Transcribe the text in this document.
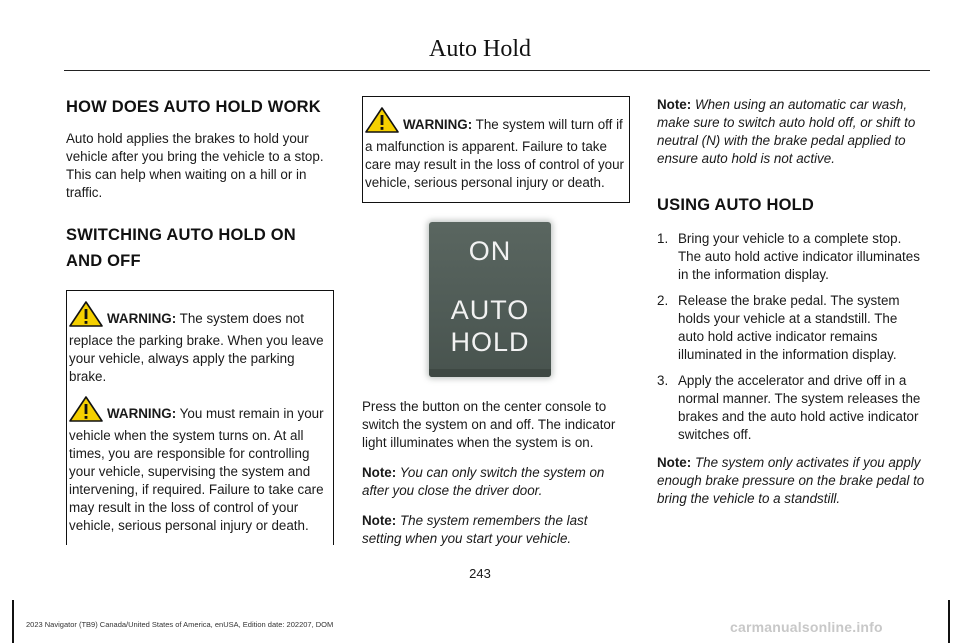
Auto Hold
HOW DOES AUTO HOLD WORK

Auto hold applies the brakes to hold your vehicle after you bring the vehicle to a stop. This can help when waiting on a hill or in traffic.

SWITCHING AUTO HOLD ON AND OFF
WARNING: The system does not replace the parking brake. When you leave your vehicle, always apply the parking brake.
WARNING: You must remain in your vehicle when the system turns on. At all times, you are responsible for controlling your vehicle, supervising the system and intervening, if required. Failure to take care may result in the loss of control of your vehicle, serious personal injury or death.
WARNING: The system will turn off if a malfunction is apparent. Failure to take care may result in the loss of control of your vehicle, serious personal injury or death.
ON
AUTO
HOLD

Press the button on the center console to switch the system on and off. The indicator light illuminates when the system is on.

Note: You can only switch the system on after you close the driver door.

Note: The system remembers the last setting when you start your vehicle.

Note: When using an automatic car wash, make sure to switch auto hold off, or shift to neutral (N) with the brake pedal applied to ensure auto hold is not active.

USING AUTO HOLD
1. Bring your vehicle to a complete stop. The auto hold active indicator illuminates in the information display.
2. Release the brake pedal. The system holds your vehicle at a standstill. The auto hold active indicator remains illuminated in the information display.
3. Apply the accelerator and drive off in a normal manner. The system releases the brakes and the auto hold active indicator switches off.

Note: The system only activates if you apply enough brake pressure on the brake pedal to bring the vehicle to a standstill.

243
2023 Navigator (TB9) Canada/United States of America, enUSA, Edition date: 202207, DOM	carmanualsonline.info
